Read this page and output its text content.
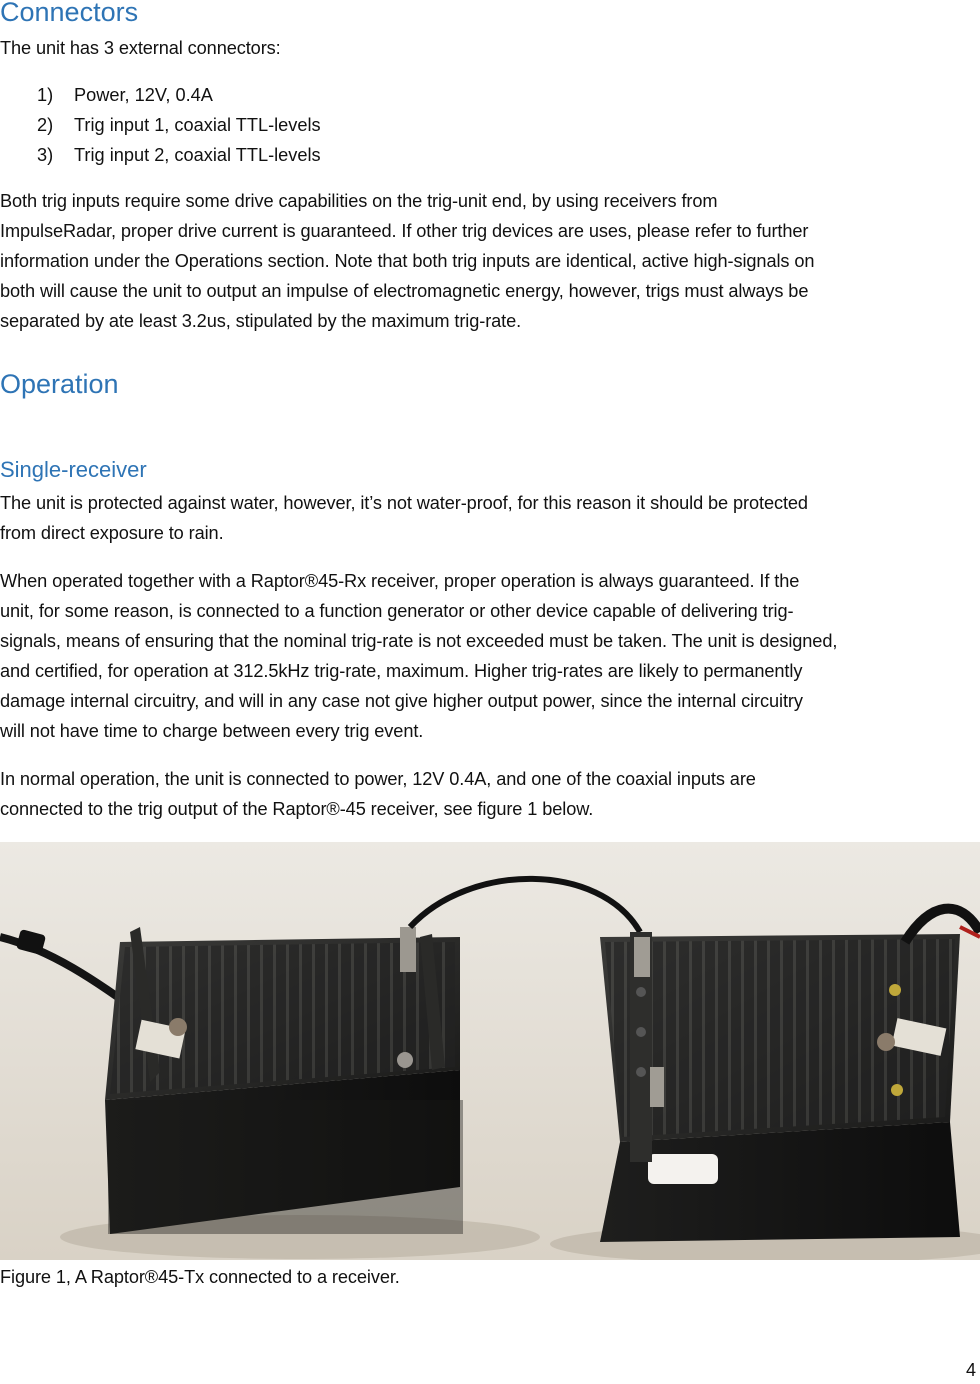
Connectors

The unit has 3 external connectors:

1) Power, 12V, 0.4A
2) Trig input 1, coaxial TTL-levels
3) Trig input 2, coaxial TTL-levels

Both trig inputs require some drive capabilities on the trig-unit end, by using receivers from

ImpulseRadar, proper drive current is guaranteed. If other trig devices are uses, please refer to further

information under the Operations section. Note that both trig inputs are identical, active high-signals on

both will cause the unit to output an impulse of electromagnetic energy, however, trigs must always be

separated by ate least 3.2us, stipulated by the maximum trig-rate.

Operation
Single-receiver

The unit is protected against water, however, it’s not water-proof, for this reason it should be protected

from direct exposure to rain.

When operated together with a Raptor®45-Rx receiver, proper operation is always guaranteed. If the

unit, for some reason, is connected to a function generator or other device capable of delivering trig-

signals, means of ensuring that the nominal trig-rate is not exceeded must be taken. The unit is designed,

and certified, for operation at 312.5kHz trig-rate, maximum. Higher trig-rates are likely to permanently

damage internal circuitry, and will in any case not give higher output power, since the internal circuitry

will not have time to charge between every trig event.

In normal operation, the unit is connected to power, 12V 0.4A, and one of the coaxial inputs are

connected to the trig output of the Raptor®-45 receiver, see figure 1 below.

Figure 1, A Raptor®45-Tx connected to a receiver.

4
